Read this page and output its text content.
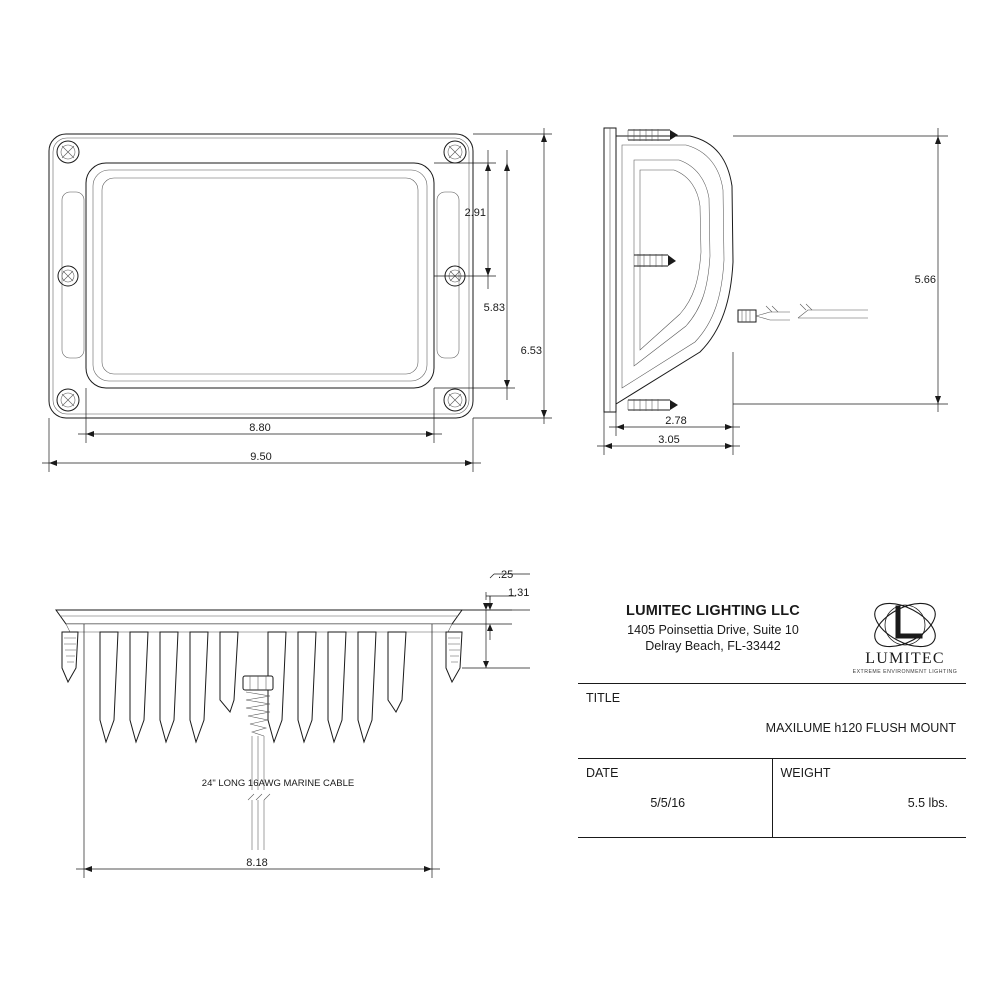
2.91
5.83
6.53
8.80
9.50
5.66
2.78
3.05
24" LONG 16AWG MARINE CABLE
.25
1.31
8.18
LUMITEC LIGHTING LLC
1405 Poinsettia Drive, Suite 10
Delray Beach, FL-33442
LUMITEC
EXTREME ENVIRONMENT LIGHTING
TITLE
MAXILUME h120 FLUSH MOUNT
DATE
5/5/16
WEIGHT
5.5 lbs.
